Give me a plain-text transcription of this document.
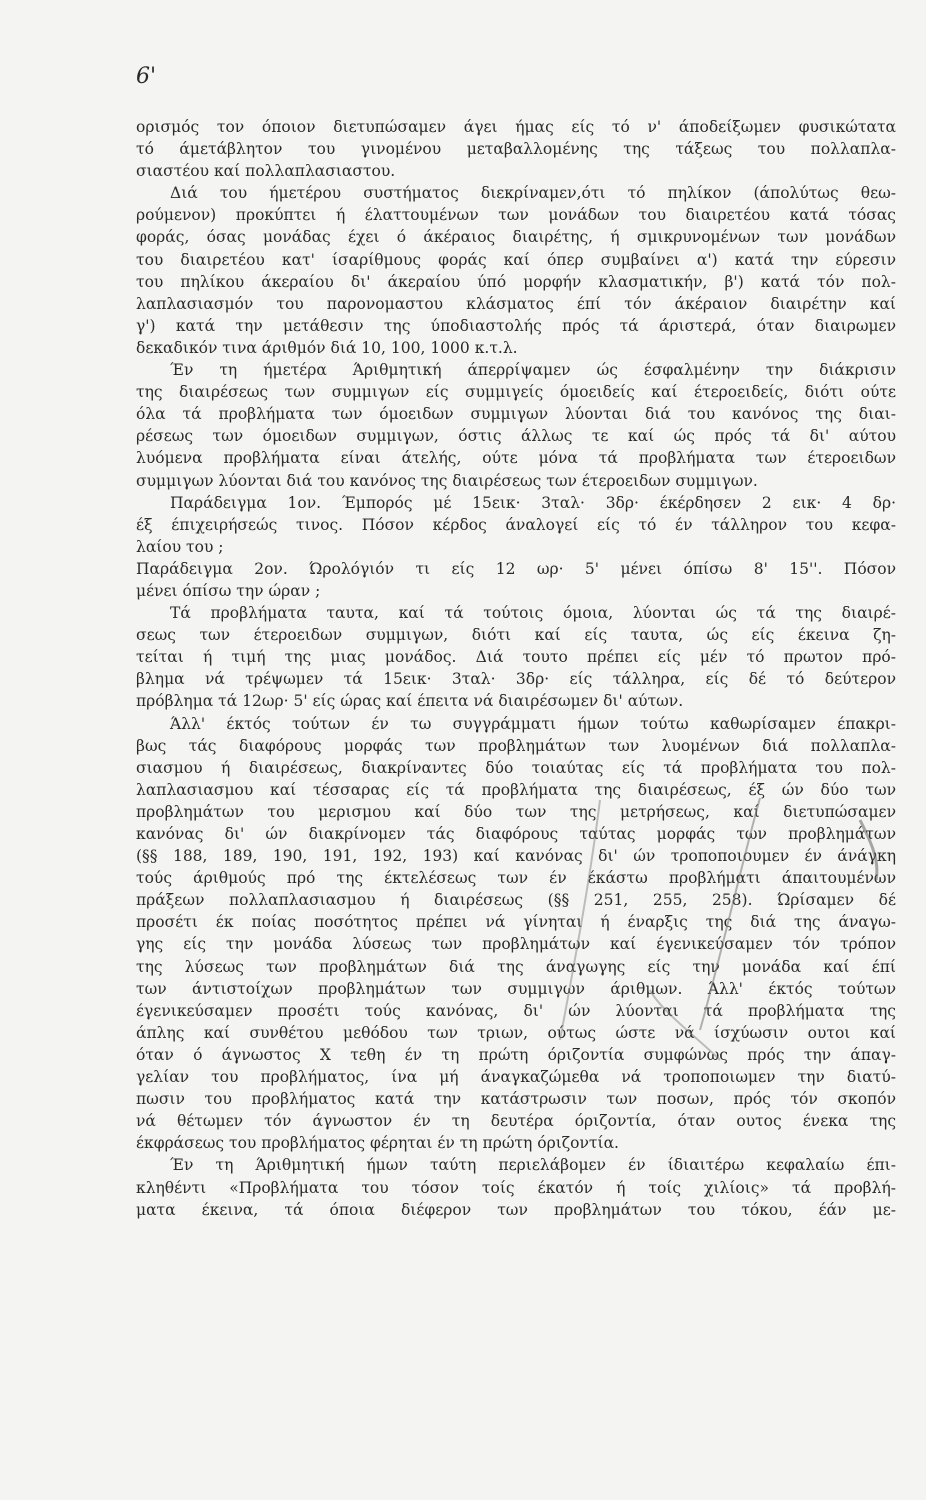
6'
ορισμός τον όποιον διετυπώσαμεν άγει ήμας είς τό ν' άποδείξωμεν φυσικώτατα
τό άμετάβλητον του γινομένου μεταβαλλομένης της τάξεως του πολλαπλα-
σιαστέου καί πολλαπλασιαστου.
Διά του ήμετέρου συστήματος διεκρίναμεν,ότι τό πηλίκον (άπολύτως θεω-
ρούμενον) προκύπτει ή έλαττουμένων των μονάδων του διαιρετέου κατά τόσας
φοράς, όσας μονάδας έχει ό άκέραιος διαιρέτης, ή σμικρυνομένων των μονάδων
του διαιρετέου κατ' ίσαρίθμους φοράς καί όπερ συμβαίνει α') κατά την εύρεσιν
του πηλίκου άκεραίου δι' άκεραίου ύπό μορφήν κλασματικήν, β') κατά τόν πολ-
λαπλασιασμόν του παρονομαστου κλάσματος έπί τόν άκέραιον διαιρέτην καί
γ') κατά την μετάθεσιν της ύποδιαστολής πρός τά άριστερά, όταν διαιρωμεν
δεκαδικόν τινα άριθμόν διά 10, 100, 1000 κ.τ.λ.
Έν τη ήμετέρα Άριθμητική άπερρίψαμεν ώς έσφαλμένην την διάκρισιν
της διαιρέσεως των συμμιγων είς συμμιγείς όμοειδείς καί έτεροειδείς, διότι ούτε
όλα τά προβλήματα των όμοειδων συμμιγων λύονται διά του κανόνος της διαι-
ρέσεως των όμοειδων συμμιγων, όστις άλλως τε καί ώς πρός τά δι' αύτου
λυόμενα προβλήματα είναι άτελής, ούτε μόνα τά προβλήματα των έτεροειδων
συμμιγων λύονται διά του κανόνος της διαιρέσεως των έτεροειδων συμμιγων.
Παράδειγμα 1ον. Έμπορός μέ 15εικ· 3ταλ· 3δρ· έκέρδησεν 2 εικ· 4 δρ·
έξ έπιχειρήσεώς τινος. Πόσον κέρδος άναλογεί είς τό έν τάλληρον του κεφα-
λαίου του ;
Παράδειγμα 2ον. Ώρολόγιόν τι είς 12 ωρ· 5' μένει όπίσω 8' 15''. Πόσον
μένει όπίσω την ώραν ;
Τά προβλήματα ταυτα, καί τά τούτοις όμοια, λύονται ώς τά της διαιρέ-
σεως των έτεροειδων συμμιγων, διότι καί είς ταυτα, ώς είς έκεινα ζη-
τείται ή τιμή της μιας μονάδος. Διά τουτο πρέπει είς μέν τό πρωτον πρό-
βλημα νά τρέψωμεν τά 15εικ· 3ταλ· 3δρ· είς τάλληρα, είς δέ τό δεύτερον
πρόβλημα τά 12ωρ· 5' είς ώρας καί έπειτα νά διαιρέσωμεν δι' αύτων.
Άλλ' έκτός τούτων έν τω συγγράμματι ήμων τούτω καθωρίσαμεν έπακρι-
βως τάς διαφόρους μορφάς των προβλημάτων των λυομένων διά πολλαπλα-
σιασμου ή διαιρέσεως, διακρίναντες δύο τοιαύτας είς τά προβλήματα του πολ-
λαπλασιασμου καί τέσσαρας είς τά προβλήματα της διαιρέσεως, έξ ών δύο των
προβλημάτων του μερισμου καί δύο των της μετρήσεως, καί διετυπώσαμεν
κανόνας δι' ών διακρίνομεν τάς διαφόρους ταύτας μορφάς των προβλημάτων
(§§ 188, 189, 190, 191, 192, 193) καί κανόνας δι' ών τροποποιουμεν έν άνάγκη
τούς άριθμούς πρό της έκτελέσεως των έν έκάστω προβλήματι άπαιτουμένων
πράξεων πολλαπλασιασμου ή διαιρέσεως (§§ 251, 255, 258). Ώρίσαμεν δέ
προσέτι έκ ποίας ποσότητος πρέπει νά γίνηται ή έναρξις της διά της άναγω-
γης είς την μονάδα λύσεως των προβλημάτων καί έγενικεύσαμεν τόν τρόπον
της λύσεως των προβλημάτων διά της άναγωγης είς την μονάδα καί έπί
των άντιστοίχων προβλημάτων των συμμιγων άριθμων. Άλλ' έκτός τούτων
έγενικεύσαμεν προσέτι τούς κανόνας, δι' ών λύονται τά προβλήματα της
άπλης καί συνθέτου μεθόδου των τριων, ούτως ώστε νά ίσχύωσιν ουτοι καί
όταν ό άγνωστος Χ τεθη έν τη πρώτη όριζοντία συμφώνως πρός την άπαγ-
γελίαν του προβλήματος, ίνα μή άναγκαζώμεθα νά τροποποιωμεν την διατύ-
πωσιν του προβλήματος κατά την κατάστρωσιν των ποσων, πρός τόν σκοπόν
νά θέτωμεν τόν άγνωστον έν τη δευτέρα όριζοντία, όταν ουτος ένεκα της
έκφράσεως του προβλήματος φέρηται έν τη πρώτη όριζοντία.
Έν τη Άριθμητική ήμων ταύτη περιελάβομεν έν ίδιαιτέρω κεφαλαίω έπι-
κληθέντι «Προβλήματα του τόσον τοίς έκατόν ή τοίς χιλίοις» τά προβλή-
ματα έκεινα, τά όποια διέφερον των προβλημάτων του τόκου, έάν με-
